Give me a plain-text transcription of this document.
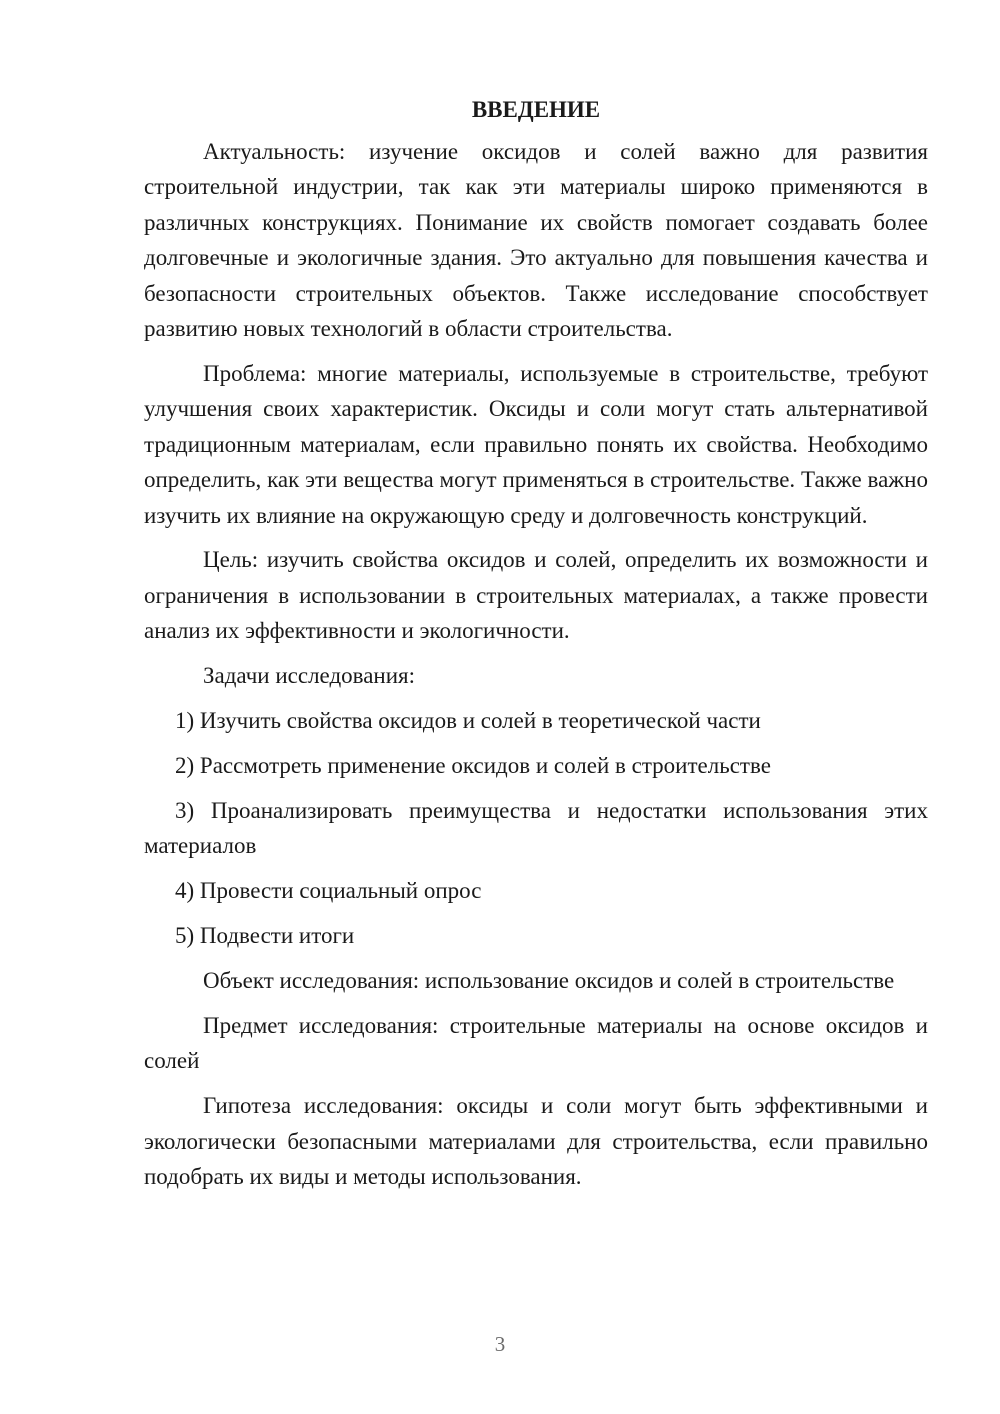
ВВЕДЕНИЕ

Актуальность: изучение оксидов и солей важно для развития строительной индустрии, так как эти материалы широко применяются в различных конструкциях. Понимание их свойств помогает создавать более долговечные и экологичные здания. Это актуально для повышения качества и безопасности строительных объектов. Также исследование способствует развитию новых технологий в области строительства.

Проблема: многие материалы, используемые в строительстве, требуют улучшения своих характеристик. Оксиды и соли могут стать альтернативой традиционным материалам, если правильно понять их свойства. Необходимо определить, как эти вещества могут применяться в строительстве. Также важно изучить их влияние на окружающую среду и долговечность конструкций.

Цель: изучить свойства оксидов и солей, определить их возможности и ограничения в использовании в строительных материалах, а также провести анализ их эффективности и экологичности.

Задачи исследования:

1) Изучить свойства оксидов и солей в теоретической части

2) Рассмотреть применение оксидов и солей в строительстве

3) Проанализировать преимущества и недостатки использования этих материалов

4) Провести социальный опрос

5) Подвести итоги

Объект исследования: использование оксидов и солей в строительстве

Предмет исследования: строительные материалы на основе оксидов и солей

Гипотеза исследования: оксиды и соли могут быть эффективными и экологически безопасными материалами для строительства, если правильно подобрать их виды и методы использования.

3
